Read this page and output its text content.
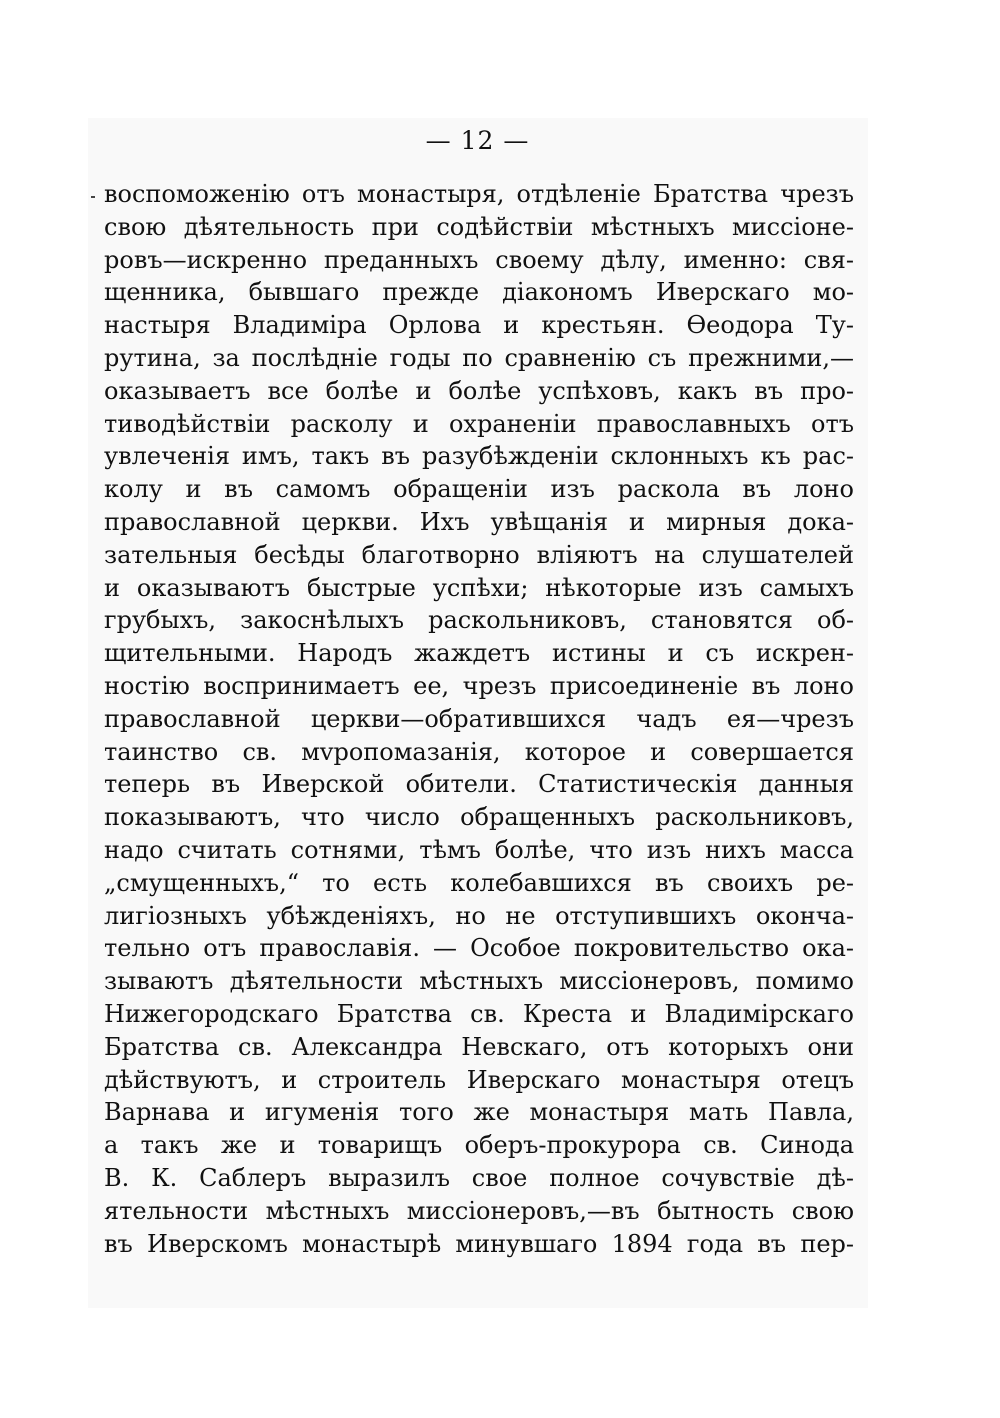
— 12 —
воспоможенію отъ монастыря, отдѣленіе Братства чрезъ
свою дѣятельность при содѣйствіи мѣстныхъ миссіоне-
ровъ—искренно преданныхъ своему дѣлу, именно: свя-
щенника, бывшаго прежде діакономъ Иверскаго мо-
настыря Владиміра Орлова и крестьян. Ѳеодора Ту-
рутина, за послѣдніе годы по сравненію съ прежними,—
оказываетъ все болѣе и болѣе успѣховъ, какъ въ про-
тиводѣйствіи расколу и охраненіи православныхъ отъ
увлеченія имъ, такъ въ разубѣжденіи склонныхъ къ рас-
колу и въ самомъ обращеніи изъ раскола въ лоно
православной церкви. Ихъ увѣщанія и мирныя дока-
зательныя бесѣды благотворно вліяютъ на слушателей
и оказываютъ быстрые успѣхи; нѣкоторые изъ самыхъ
грубыхъ, закоснѣлыхъ раскольниковъ, становятся об-
щительными. Народъ жаждетъ истины и съ искрен-
ностію воспринимаетъ ее, чрезъ присоединеніе въ лоно
православной церкви—обратившихся чадъ ея—чрезъ
таинство св. мvропомазанія, которое и совершается
теперь въ Иверской обители. Статистическія данныя
показываютъ, что число обращенныхъ раскольниковъ,
надо считать сотнями, тѣмъ болѣе, что изъ нихъ масса
„смущенныхъ,“ то есть колебавшихся въ своихъ ре-
лигіозныхъ убѣжденіяхъ, но не отступившихъ оконча-
тельно отъ православія. — Особое покровительство ока-
зываютъ дѣятельности мѣстныхъ миссіонеровъ, помимо
Нижегородскаго Братства св. Креста и Владимірскаго
Братства св. Александра Невскаго, отъ которыхъ они
дѣйствуютъ, и строитель Иверскаго монастыря отецъ
Варнава и игуменія того же монастыря мать Павла,
а такъ же и товарищъ оберъ-прокурора св. Синода
В. К. Саблеръ выразилъ свое полное сочувствіе дѣ-
ятельности мѣстныхъ миссіонеровъ,—въ бытность свою
въ Иверскомъ монастырѣ минувшаго 1894 года въ пер-
